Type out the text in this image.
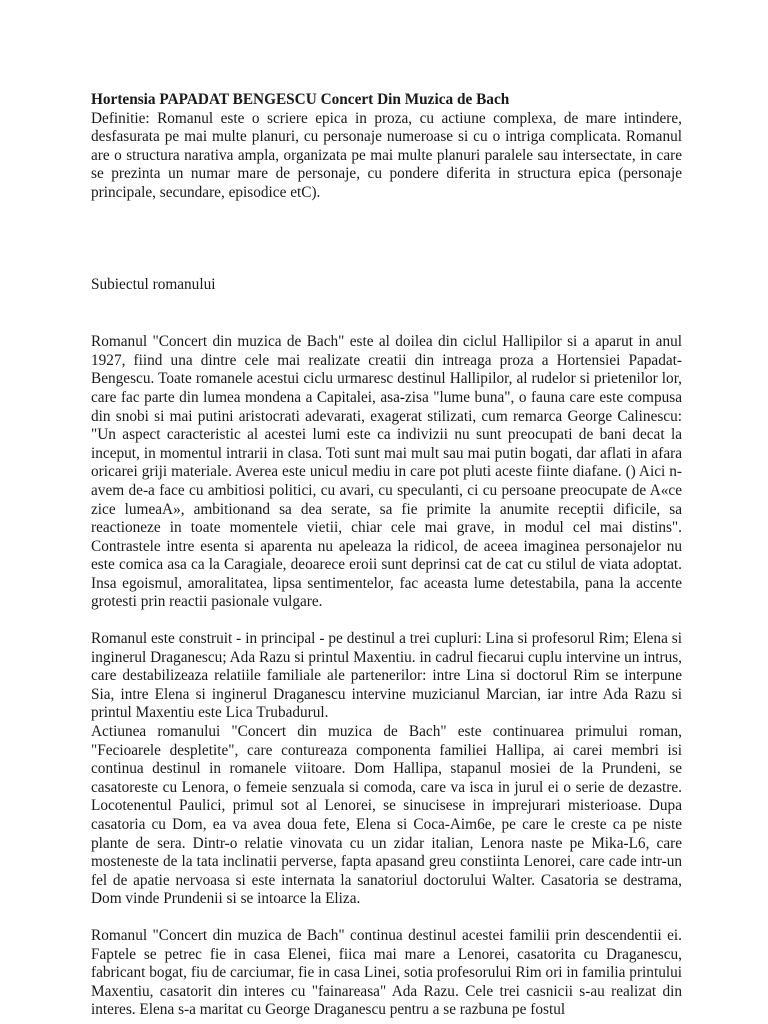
Hortensia PAPADAT BENGESCU Concert Din Muzica de Bach

Definitie: Romanul este o scriere epica in proza, cu actiune complexa, de mare intindere, desfasurata pe mai multe planuri, cu personaje numeroase si cu o intriga complicata. Romanul are o structura narativa ampla, organizata pe mai multe planuri paralele sau intersectate, in care se prezinta un numar mare de personaje, cu pondere diferita in structura epica (personaje principale, secundare, episodice etC).

Subiectul romanului

Romanul "Concert din muzica de Bach" este al doilea din ciclul Hallipilor si a aparut in anul 1927, fiind una dintre cele mai realizate creatii din intreaga proza a Hortensiei Papadat-Bengescu. Toate romanele acestui ciclu urmaresc destinul Hallipilor, al rudelor si prietenilor lor, care fac parte din lumea mondena a Capitalei, asa-zisa "lume buna", o fauna care este compusa din snobi si mai putini aristocrati adevarati, exagerat stilizati, cum remarca George Calinescu: "Un aspect caracteristic al acestei lumi este ca indivizii nu sunt preocupati de bani decat la inceput, in momentul intrarii in clasa. Toti sunt mai mult sau mai putin bogati, dar aflati in afara oricarei griji materiale. Averea este unicul mediu in care pot pluti aceste fiinte diafane. () Aici n-avem de-a face cu ambitiosi politici, cu avari, cu speculanti, ci cu persoane preocupate de A«ce zice lumeaA», ambitionand sa dea serate, sa fie primite la anumite receptii dificile, sa reactioneze in toate momentele vietii, chiar cele mai grave, in modul cel mai distins". Contrastele intre esenta si aparenta nu apeleaza la ridicol, de aceea imaginea personajelor nu este comica asa ca la Caragiale, deoarece eroii sunt deprinsi cat de cat cu stilul de viata adoptat. Insa egoismul, amoralitatea, lipsa sentimentelor, fac aceasta lume detestabila, pana la accente grotesti prin reactii pasionale vulgare.

Romanul este construit - in principal - pe destinul a trei cupluri: Lina si profesorul Rim; Elena si inginerul Draganescu; Ada Razu si printul Maxentiu. in cadrul fiecarui cuplu intervine un intrus, care destabilizeaza relatiile familiale ale partenerilor: intre Lina si doctorul Rim se interpune Sia, intre Elena si inginerul Draganescu intervine muzicianul Marcian, iar intre Ada Razu si printul Maxentiu este Lica Trubadurul.

Actiunea romanului "Concert din muzica de Bach" este continuarea primului roman, "Fecioarele despletite", care contureaza componenta familiei Hallipa, ai carei membri isi continua destinul in romanele viitoare. Dom Hallipa, stapanul mosiei de la Prundeni, se casatoreste cu Lenora, o femeie senzuala si comoda, care va isca in jurul ei o serie de dezastre. Locotenentul Paulici, primul sot al Lenorei, se sinucisese in imprejurari misterioase. Dupa casatoria cu Dom, ea va avea doua fete, Elena si Coca-Aim6e, pe care le creste ca pe niste plante de sera. Dintr-o relatie vinovata cu un zidar italian, Lenora naste pe Mika-L6, care mosteneste de la tata inclinatii perverse, fapta apasand greu constiinta Lenorei, care cade intr-un fel de apatie nervoasa si este internata la sanatoriul doctorului Walter. Casatoria se destrama, Dom vinde Prundenii si se intoarce la Eliza.

Romanul "Concert din muzica de Bach" continua destinul acestei familii prin descendentii ei. Faptele se petrec fie in casa Elenei, fiica mai mare a Lenorei, casatorita cu Draganescu, fabricant bogat, fiu de carciumar, fie in casa Linei, sotia profesorului Rim ori in familia printului Maxentiu, casatorit din interes cu "fainareasa" Ada Razu. Cele trei casnicii s-au realizat din interes. Elena s-a maritat cu George Draganescu pentru a se razbuna pe fostul
